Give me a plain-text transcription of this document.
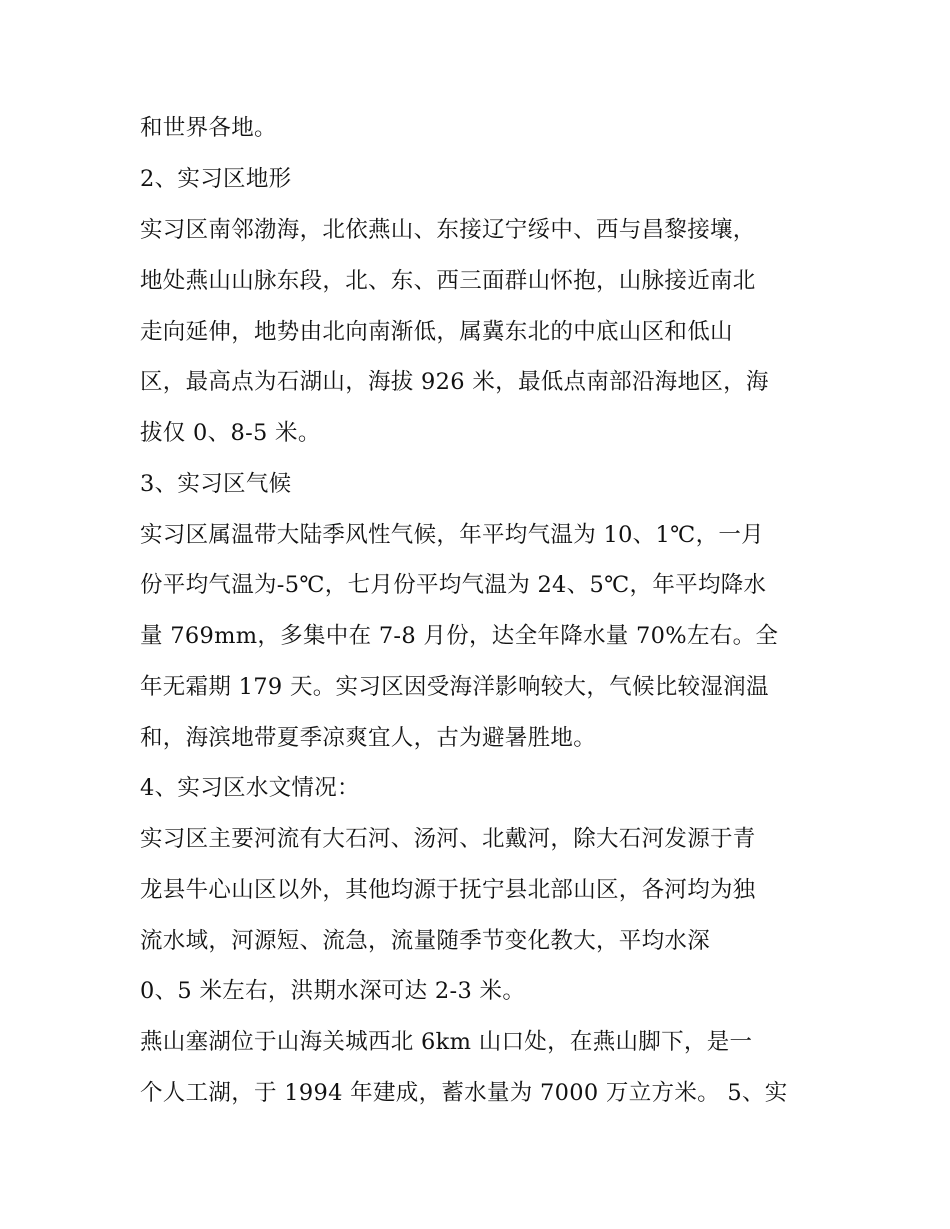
和世界各地。
2、实习区地形
实习区南邻渤海，北依燕山、东接辽宁绥中、西与昌黎接壤，
地处燕山山脉东段，北、东、西三面群山怀抱，山脉接近南北
走向延伸，地势由北向南渐低，属冀东北的中底山区和低山
区，最高点为石湖山，海拔 926 米，最低点南部沿海地区，海
拔仅 0、8-5 米。
3、实习区气候
实习区属温带大陆季风性气候，年平均气温为 10、1℃，一月
份平均气温为-5℃，七月份平均气温为 24、5℃，年平均降水
量 769mm，多集中在 7-8 月份，达全年降水量 70%左右。全
年无霜期 179 天。实习区因受海洋影响较大，气候比较湿润温
和，海滨地带夏季凉爽宜人，古为避暑胜地。
4、实习区水文情况：
实习区主要河流有大石河、汤河、北戴河，除大石河发源于青
龙县牛心山区以外，其他均源于抚宁县北部山区，各河均为独
流水域，河源短、流急，流量随季节变化教大，平均水深
0、5 米左右，洪期水深可达 2-3 米。
燕山塞湖位于山海关城西北 6km 山口处，在燕山脚下，是一
个人工湖，于 1994 年建成，蓄水量为 7000 万立方米。 5、实
